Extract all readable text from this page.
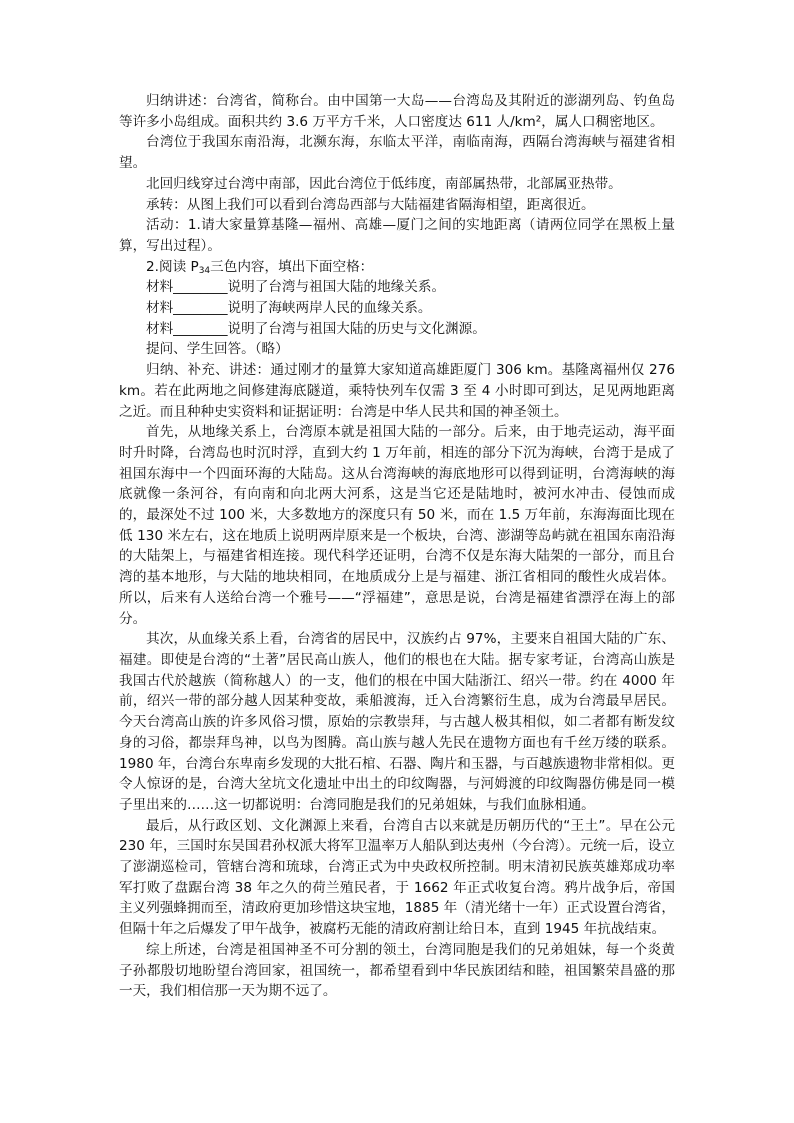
归纳讲述：台湾省，简称台。由中国第一大岛——台湾岛及其附近的澎湖列岛、钓鱼岛等许多小岛组成。面积共约 3.6 万平方千米，人口密度达 611 人/km²，属人口稠密地区。

台湾位于我国东南沿海，北濒东海，东临太平洋，南临南海，西隔台湾海峡与福建省相望。

北回归线穿过台湾中南部，因此台湾位于低纬度，南部属热带，北部属亚热带。

承转：从图上我们可以看到台湾岛西部与大陆福建省隔海相望，距离很近。

活动：1.请大家量算基隆—福州、高雄—厦门之间的实地距离（请两位同学在黑板上量算，写出过程）。

2.阅读 $P_{34}$三色内容，填出下面空格：

材料________说明了台湾与祖国大陆的地缘关系。

材料________说明了海峡两岸人民的血缘关系。

材料________说明了台湾与祖国大陆的历史与文化渊源。

提问、学生回答。（略）

归纳、补充、讲述：通过刚才的量算大家知道高雄距厦门 306 km。基隆离福州仅 276 km。若在此两地之间修建海底隧道，乘特快列车仅需 3 至 4 小时即可到达，足见两地距离之近。而且种种史实资料和证据证明：台湾是中华人民共和国的神圣领土。

首先，从地缘关系上，台湾原本就是祖国大陆的一部分。后来，由于地壳运动，海平面时升时降，台湾岛也时沉时浮，直到大约 1 万年前，相连的部分下沉为海峡，台湾于是成了祖国东海中一个四面环海的大陆岛。这从台湾海峡的海底地形可以得到证明，台湾海峡的海底就像一条河谷，有向南和向北两大河系，这是当它还是陆地时，被河水冲击、侵蚀而成的，最深处不过 100 米，大多数地方的深度只有 50 米，而在 1.5 万年前，东海海面比现在低 130 米左右，这在地质上说明两岸原来是一个板块，台湾、澎湖等岛屿就在祖国东南沿海的大陆架上，与福建省相连接。现代科学还证明，台湾不仅是东海大陆架的一部分，而且台湾的基本地形，与大陆的地块相同，在地质成分上是与福建、浙江省相同的酸性火成岩体。所以，后来有人送给台湾一个雅号——“浮福建”，意思是说，台湾是福建省漂浮在海上的部分。

其次，从血缘关系上看，台湾省的居民中，汉族约占 97%，主要来自祖国大陆的广东、福建。即使是台湾的“土著”居民高山族人，他们的根也在大陆。据专家考证，台湾高山族是我国古代於越族（简称越人）的一支，他们的根在中国大陆浙江、绍兴一带。约在 4000 年前，绍兴一带的部分越人因某种变故，乘船渡海，迁入台湾繁衍生息，成为台湾最早居民。今天台湾高山族的许多风俗习惯，原始的宗教崇拜，与古越人极其相似，如二者都有断发纹身的习俗，都崇拜鸟神，以鸟为图腾。高山族与越人先民在遗物方面也有千丝万缕的联系。1980 年，台湾台东卑南乡发现的大批石棺、石器、陶片和玉器，与百越族遗物非常相似。更令人惊讶的是，台湾大坌坑文化遗址中出土的印纹陶器，与河姆渡的印纹陶器仿佛是同一模子里出来的……这一切都说明：台湾同胞是我们的兄弟姐妹，与我们血脉相通。

最后，从行政区划、文化渊源上来看，台湾自古以来就是历朝历代的“王土”。早在公元 230 年，三国时东吴国君孙权派大将军卫温率万人船队到达夷州（今台湾）。元统一后，设立了澎湖巡检司，管辖台湾和琉球，台湾正式为中央政权所控制。明末清初民族英雄郑成功率军打败了盘踞台湾 38 年之久的荷兰殖民者，于 1662 年正式收复台湾。鸦片战争后，帝国主义列强蜂拥而至，清政府更加珍惜这块宝地，1885 年（清光绪十一年）正式设置台湾省，但隔十年之后爆发了甲午战争，被腐朽无能的清政府割让给日本，直到 1945 年抗战结束。

综上所述，台湾是祖国神圣不可分割的领土，台湾同胞是我们的兄弟姐妹，每一个炎黄子孙都殷切地盼望台湾回家，祖国统一，都希望看到中华民族团结和睦，祖国繁荣昌盛的那一天，我们相信那一天为期不远了。
